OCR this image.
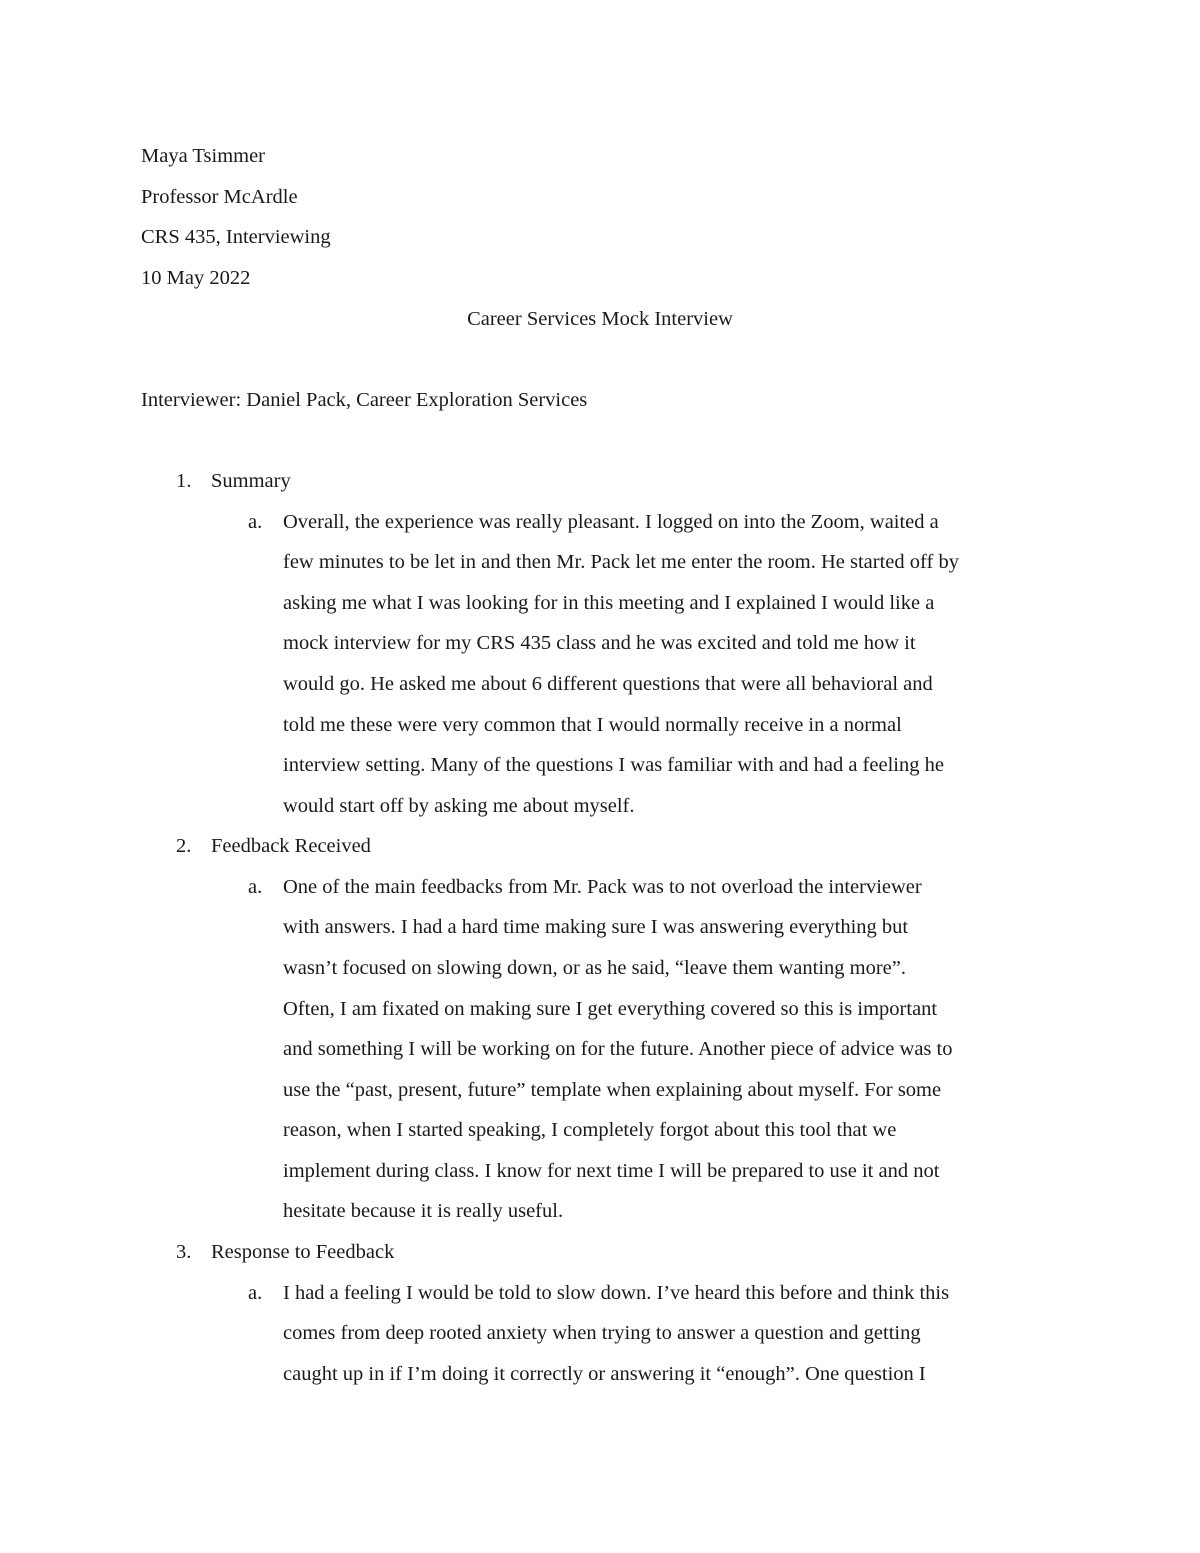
Maya Tsimmer
Professor McArdle
CRS 435, Interviewing
10 May 2022
Career Services Mock Interview
Interviewer: Daniel Pack, Career Exploration Services
1. Summary
a. Overall, the experience was really pleasant. I logged on into the Zoom, waited a
few minutes to be let in and then Mr. Pack let me enter the room. He started off by
asking me what I was looking for in this meeting and I explained I would like a
mock interview for my CRS 435 class and he was excited and told me how it
would go. He asked me about 6 different questions that were all behavioral and
told me these were very common that I would normally receive in a normal
interview setting. Many of the questions I was familiar with and had a feeling he
would start off by asking me about myself.
2. Feedback Received
a. One of the main feedbacks from Mr. Pack was to not overload the interviewer
with answers. I had a hard time making sure I was answering everything but
wasn’t focused on slowing down, or as he said, “leave them wanting more”.
Often, I am fixated on making sure I get everything covered so this is important
and something I will be working on for the future. Another piece of advice was to
use the “past, present, future” template when explaining about myself. For some
reason, when I started speaking, I completely forgot about this tool that we
implement during class. I know for next time I will be prepared to use it and not
hesitate because it is really useful.
3. Response to Feedback
a. I had a feeling I would be told to slow down. I’ve heard this before and think this
comes from deep rooted anxiety when trying to answer a question and getting
caught up in if I’m doing it correctly or answering it “enough”. One question I
